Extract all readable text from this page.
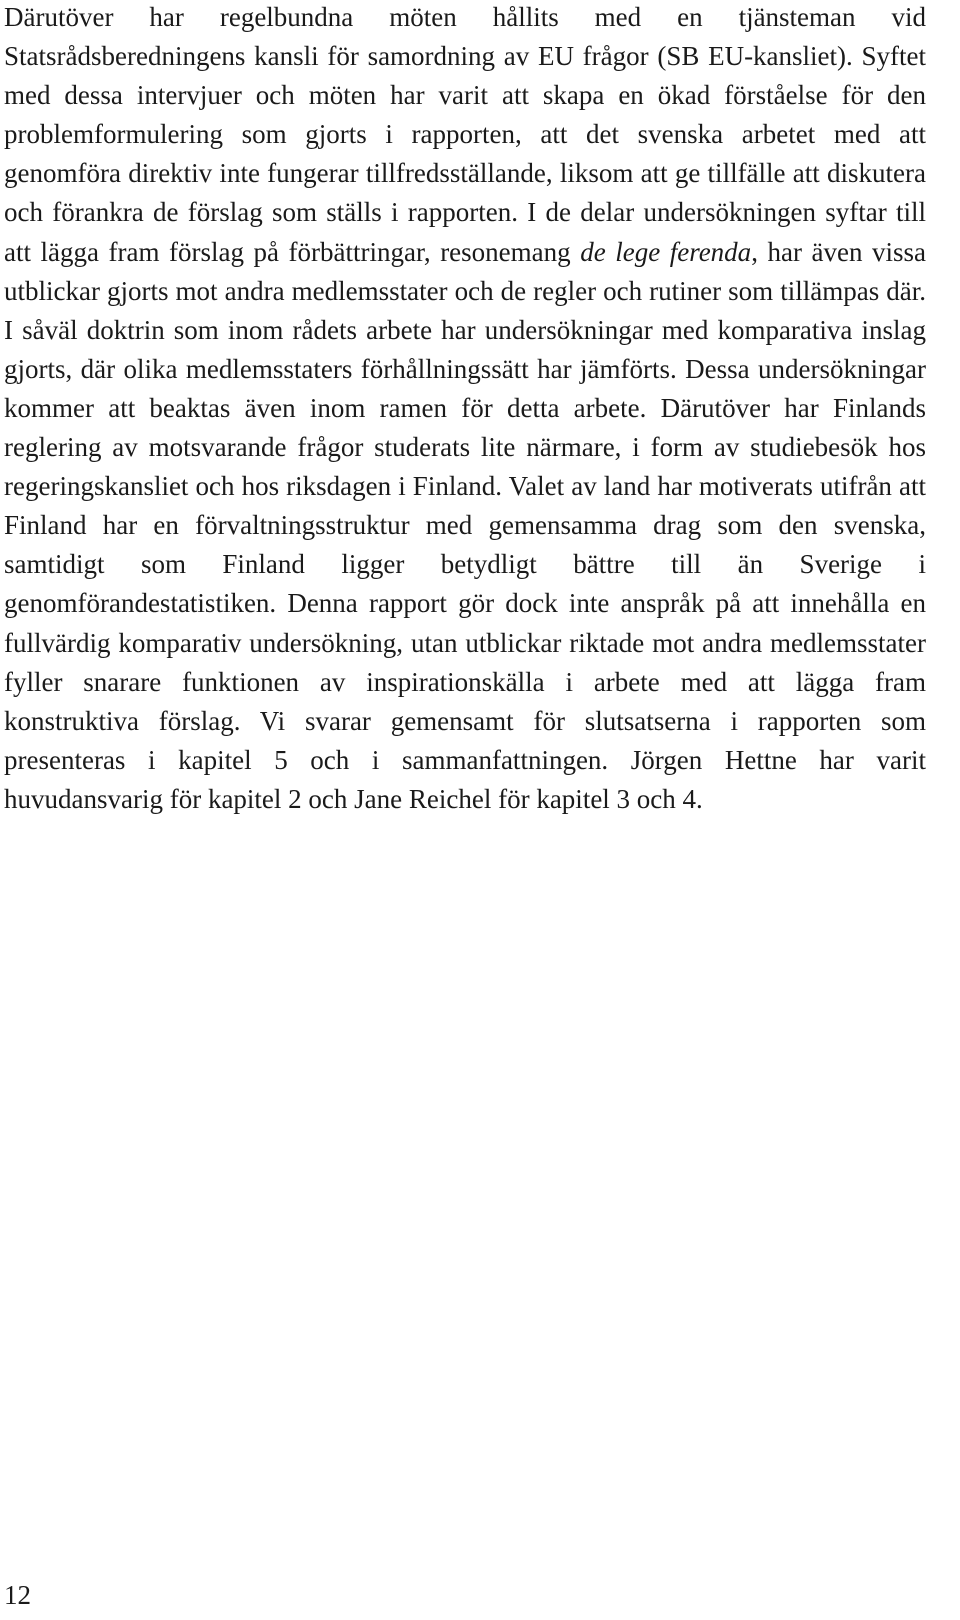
Därutöver har regelbundna möten hållits med en tjänsteman vid Statsrådsberedningens kansli för samordning av EU frågor (SB EU-kansliet). Syftet med dessa intervjuer och möten har varit att skapa en ökad förståelse för den problemformulering som gjorts i rapporten, att det svenska arbetet med att genomföra direktiv inte fungerar tillfredsställande, liksom att ge tillfälle att diskutera och förankra de förslag som ställs i rapporten. I de delar undersökningen syftar till att lägga fram förslag på förbättringar, resonemang de lege ferenda, har även vissa utblickar gjorts mot andra medlemsstater och de regler och rutiner som tillämpas där. I såväl doktrin som inom rådets arbete har undersökningar med komparativa inslag gjorts, där olika medlemsstaters förhållningssätt har jämförts. Dessa undersökningar kommer att beaktas även inom ramen för detta arbete. Därutöver har Finlands reglering av motsvarande frågor studerats lite närmare, i form av studiebesök hos regeringskansliet och hos riksdagen i Finland. Valet av land har motiverats utifrån att Finland har en förvaltningsstruktur med gemensamma drag som den svenska, samtidigt som Finland ligger betydligt bättre till än Sverige i genomförandestatistiken. Denna rapport gör dock inte anspråk på att innehålla en fullvärdig komparativ undersökning, utan utblickar riktade mot andra medlemsstater fyller snarare funktionen av inspirationskälla i arbete med att lägga fram konstruktiva förslag. Vi svarar gemensamt för slutsatserna i rapporten som presenteras i kapitel 5 och i sammanfattningen. Jörgen Hettne har varit huvudansvarig för kapitel 2 och Jane Reichel för kapitel 3 och 4.

12
